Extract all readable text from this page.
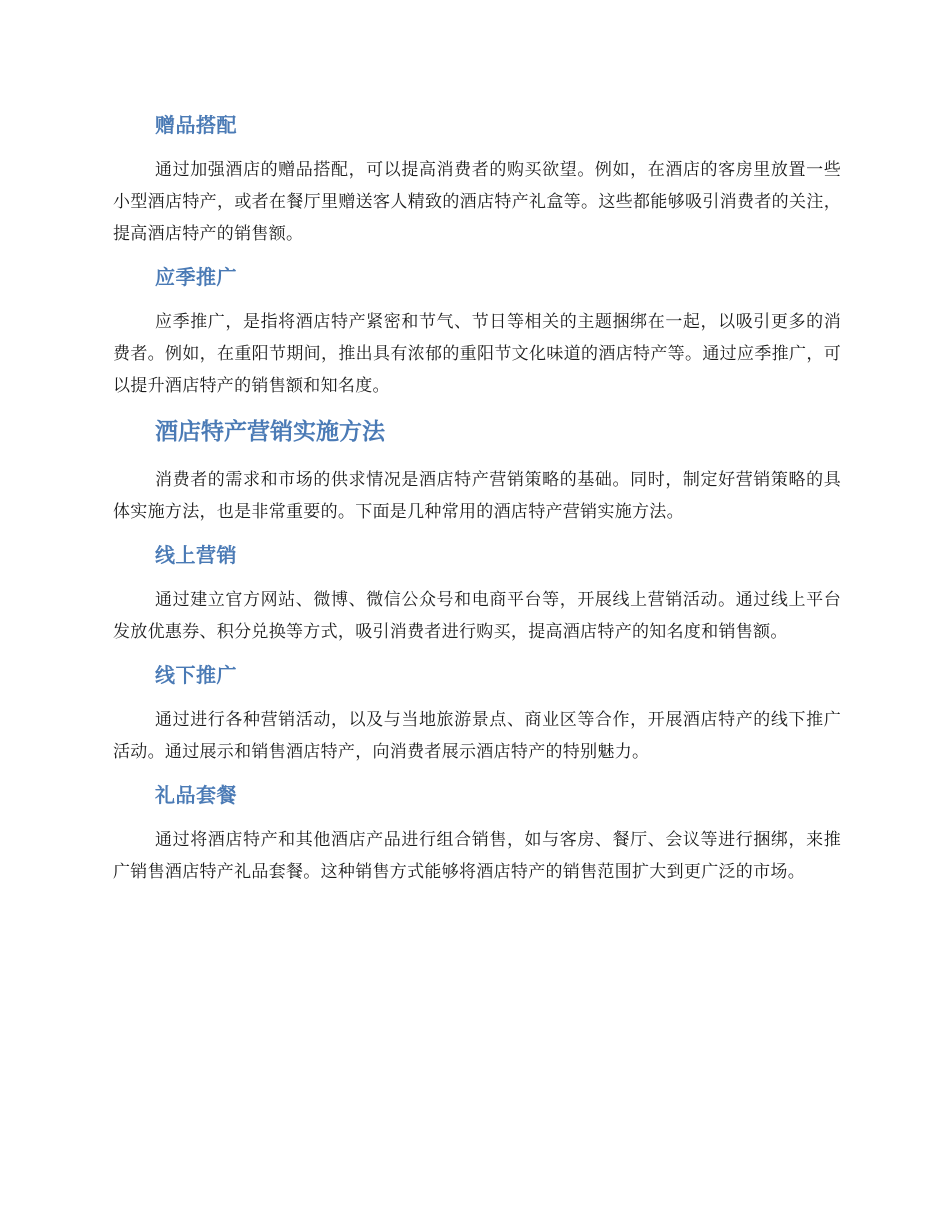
赠品搭配

通过加强酒店的赠品搭配，可以提高消费者的购买欲望。例如，在酒店的客房里放置一些小型酒店特产，或者在餐厅里赠送客人精致的酒店特产礼盒等。这些都能够吸引消费者的关注，提高酒店特产的销售额。

应季推广

应季推广，是指将酒店特产紧密和节气、节日等相关的主题捆绑在一起，以吸引更多的消费者。例如，在重阳节期间，推出具有浓郁的重阳节文化味道的酒店特产等。通过应季推广，可以提升酒店特产的销售额和知名度。

酒店特产营销实施方法

消费者的需求和市场的供求情况是酒店特产营销策略的基础。同时，制定好营销策略的具体实施方法，也是非常重要的。下面是几种常用的酒店特产营销实施方法。

线上营销

通过建立官方网站、微博、微信公众号和电商平台等，开展线上营销活动。通过线上平台发放优惠券、积分兑换等方式，吸引消费者进行购买，提高酒店特产的知名度和销售额。

线下推广

通过进行各种营销活动，以及与当地旅游景点、商业区等合作，开展酒店特产的线下推广活动。通过展示和销售酒店特产，向消费者展示酒店特产的特别魅力。

礼品套餐

通过将酒店特产和其他酒店产品进行组合销售，如与客房、餐厅、会议等进行捆绑，来推广销售酒店特产礼品套餐。这种销售方式能够将酒店特产的销售范围扩大到更广泛的市场。
